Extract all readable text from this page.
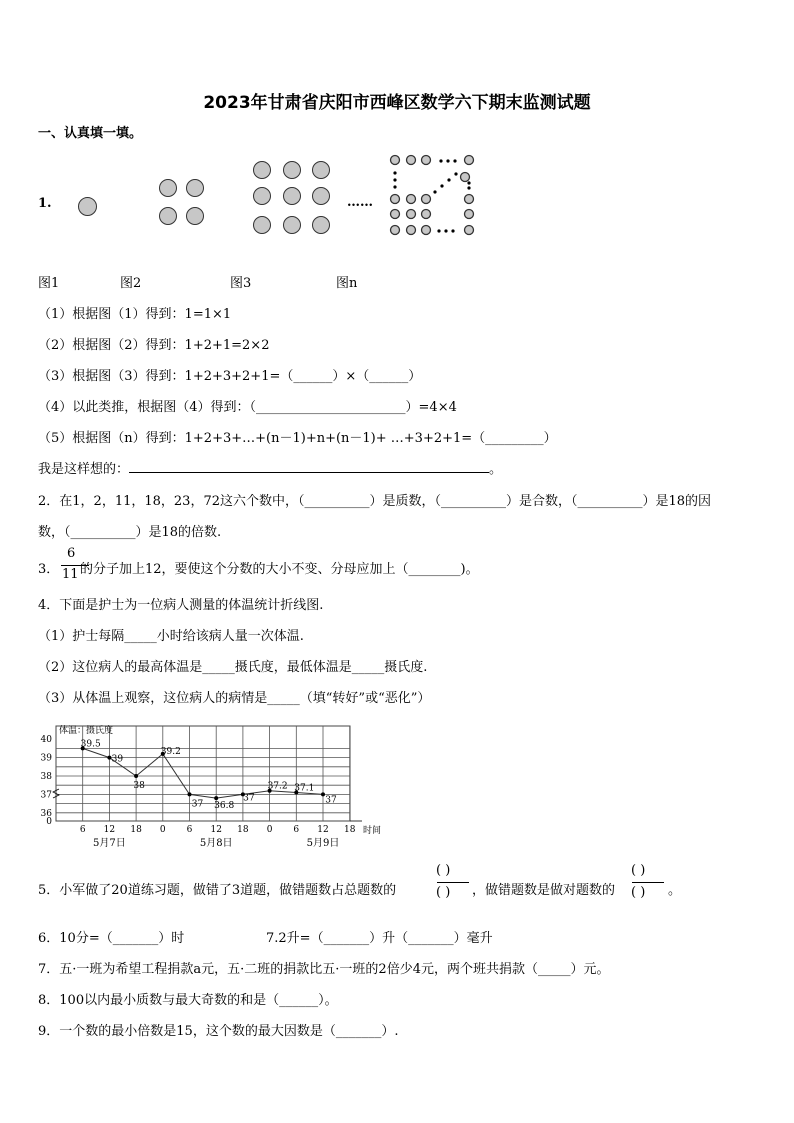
2023年甘肃省庆阳市西峰区数学六下期末监测试题
一、认真填一填。
1.	……
图1	图2	图3	图n
（1）根据图（1）得到：1=1×1
（2）根据图（2）得到：1+2+1=2×2
（3）根据图（3）得到：1+2+3+2+1=（______）×（______）
（4）以此类推，根据图（4）得到：（_______________________）=4×4
（5）根据图（n）得到：1+2+3+…+(n－1)+n+(n－1)+ …+3+2+1=（_________）
我是这样想的：	。
2．在1，2，11，18，23，72这六个数中，（__________）是质数，（__________）是合数，（__________）是18的因
数，（__________）是18的倍数.
3．
6
11 的分子加上12，要使这个分数的大小不变、分母应加上（________)。
4．下面是护士为一位病人测量的体温统计折线图.
（1）护士每隔_____小时给该病人量一次体温.
（2）这位病人的最高体温是_____摄氏度，最低体温是_____摄氏度.
（3）从体温上观察，这位病人的病情是_____（填“转好”或“恶化”）
体温：摄氏度
40
39
38
37
36
0
6 12 18 0 6 12 18 0 6 12 18 时间
5月7日	5月8日	5月9日
39.5
39
38
39.2
37 36.8
37
37.2 37.1
37
5．小军做了20道练习题，做错了3道题，做错题数占总题数的
( )
( ) ，做错题数是做对题数的
( )
( ) 。
6．10分=（_______）时	7.2升=（_______）升（_______）毫升
7．五·一班为希望工程捐款a元，五·二班的捐款比五·一班的2倍少4元，两个班共捐款（_____）元。
8．100以内最小质数与最大奇数的和是（______）。
9．一个数的最小倍数是15，这个数的最大因数是（_______）.
